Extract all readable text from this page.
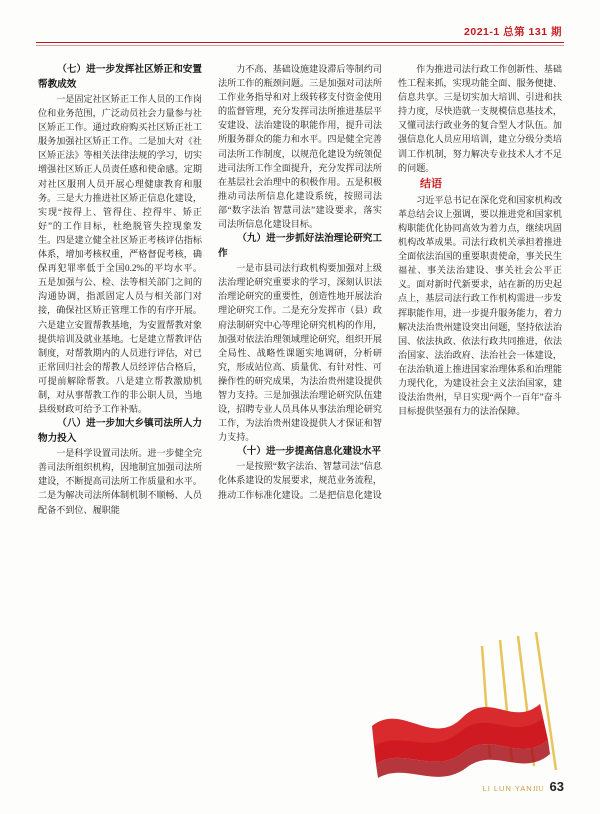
2021-1 总第 131 期

（七）进一步发挥社区矫正和安置帮教成效

一是固定社区矫正工作人员的工作岗位和业务范围，广泛动员社会力量参与社区矫正工作。通过政府购买社区矫正社工服务加强社区矫正工作。二是加大对《社区矫正法》等相关法律法规的学习，切实增强社区矫正人员责任感和使命感。定期对社区服刑人员开展心理健康教育和服务。三是大力推进社区矫正信息化建设，实现“按得上、管得住、控得牢、矫正好”的工作目标，杜绝脱管失控现象发生。四是建立健全社区矫正考核评估指标体系，增加考核权重，严格督促考核，确保再犯罪率低于全国0.2%的平均水平。五是加强与公、检、法等相关部门之间的沟通协调，指派固定人员与相关部门对接，确保社区矫正管理工作的有序开展。六是建立安置帮教基地，为安置帮教对象提供培训及就业基地。七是建立帮教评估制度，对帮教期内的人员进行评估，对已正常回归社会的帮教人员经评估合格后，可提前解除帮教。八是建立帮教激励机制，对从事帮教工作的非公职人员，当地县级财政可给予工作补贴。

（八）进一步加大乡镇司法所人力物力投入

一是科学设置司法所。进一步健全完善司法所组织机构，因地制宜加强司法所建设，不断提高司法所工作质量和水平。二是为解决司法所体制机制不顺畅、人员配备不到位、履职能

力不高、基础设施建设滞后等制约司法所工作的瓶颈问题。三是加强对司法所工作业务指导和对上级转移支付资金使用的监督管理，充分发挥司法所推进基层平安建设、法治建设的职能作用，提升司法所服务群众的能力和水平。四是健全完善司法所工作制度，以规范化建设为统领促进司法所工作全面提升，充分发挥司法所在基层社会治理中的积极作用。五是积极推动司法所信息化建设系统，按照司法部“数字法治 智慧司法”建设要求，落实司法所信息化建设目标。

（九）进一步抓好法治理论研究工作

一是市县司法行政机构要加强对上级法治理论研究重要求的学习，深刻认识法治理论研究的重要性，创造性地开展法治理论研究工作。二是充分发挥市（县）政府法制研究中心等理论研究机构的作用，加强对依法治理领域理论研究，组织开展全局性、战略性课题实地调研，分析研究，形成站位高、质量优、有针对性、可操作性的研究成果，为法治贵州建设提供智力支持。三是加强法治理论研究队伍建设，招聘专业人员具体从事法治理论研究工作，为法治贵州建设提供人才保证和智力支持。

（十）进一步提高信息化建设水平

一是按照“数字法治、智慧司法”信息化体系建设的发展要求，规范业务流程，推动工作标准化建设。二是把信息化建设

作为推进司法行政工作创新性、基础性工程来抓，实现功能全面、服务便捷、信息共享。三是切实加大培训、引进和扶持力度，尽快造就一支规模信息基技术，又懂司法行政业务的复合型人才队伍。加强信息化人员应用培训，建立分级分类培训工作机制，努力解决专业技术人才不足的问题。

结语

习近平总书记在深化党和国家机构改革总结会议上强调，要以推进党和国家机构职能优化协同高效为着力点，继续巩固机构改革成果。司法行政机关承担着推进全面依法治国的重要职责使命，事关民生福祉、事关法治建设、事关社会公平正义。面对新时代新要求，站在新的历史起点上，基层司法行政工作机构需进一步发挥职能作用，进一步提升服务能力，着力解决法治贵州建设突出问题，坚持依法治国、依法执政、依法行政共同推进，依法治国家、法治政府、法治社会一体建设，在法治轨道上推进国家治理体系和治理能力现代化，为建设社会主义法治国家，建设法治贵州，早日实现“两个一百年”奋斗目标提供坚强有力的法治保障。

LI LUN YANJIU 63
